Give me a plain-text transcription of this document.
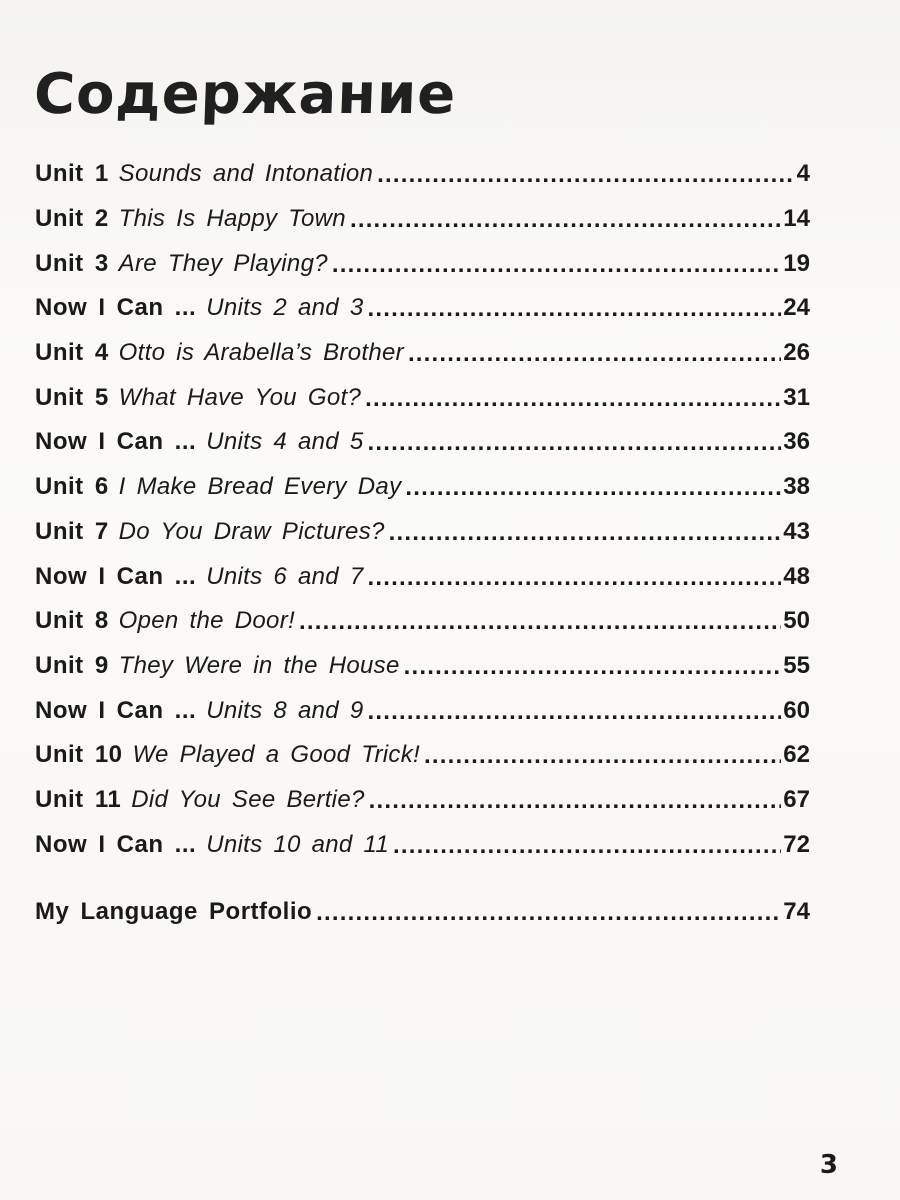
Содержание
Unit 1 Sounds and Intonation .....	4
Unit 2 This Is Happy Town .....	14
Unit 3 Are They Playing? .....	19
Now I Can ... Units 2 and 3 .....	24
Unit 4 Otto is Arabella’s Brother .....	26
Unit 5 What Have You Got? .....	31
Now I Can ... Units 4 and 5 .....	36
Unit 6 I Make Bread Every Day .....	38
Unit 7 Do You Draw Pictures? .....	43
Now I Can ... Units 6 and 7 .....	48
Unit 8 Open the Door! .....	50
Unit 9 They Were in the House .....	55
Now I Can ... Units 8 and 9 .....	60
Unit 10 We Played a Good Trick! .....	62
Unit 11 Did You See Bertie? .....	67
Now I Can ... Units 10 and 11 .....	72
My Language Portfolio .....	74
3
